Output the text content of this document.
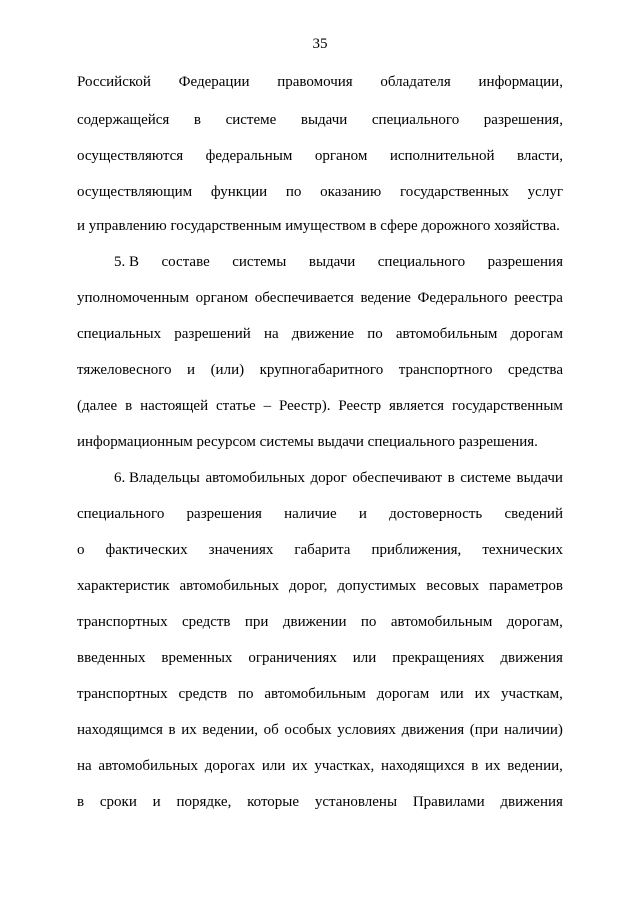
35
Российской Федерации правомочия обладателя информации,
содержащейся в системе выдачи специального разрешения,
осуществляются федеральным органом исполнительной власти,
осуществляющим функции по оказанию государственных услуг
и управлению государственным имуществом в сфере дорожного хозяйства.
5. В составе системы выдачи специального разрешения
уполномоченным органом обеспечивается ведение Федерального реестра
специальных разрешений на движение по автомобильным дорогам
тяжеловесного и (или) крупногабаритного транспортного средства
(далее в настоящей статье – Реестр). Реестр является государственным
информационным ресурсом системы выдачи специального разрешения.
6. Владельцы автомобильных дорог обеспечивают в системе выдачи
специального разрешения наличие и достоверность сведений
о фактических значениях габарита приближения, технических
характеристик автомобильных дорог, допустимых весовых параметров
транспортных средств при движении по автомобильным дорогам,
введенных временных ограничениях или прекращениях движения
транспортных средств по автомобильным дорогам или их участкам,
находящимся в их ведении, об особых условиях движения (при наличии)
на автомобильных дорогах или их участках, находящихся в их ведении,
в сроки и порядке, которые установлены Правилами движения
